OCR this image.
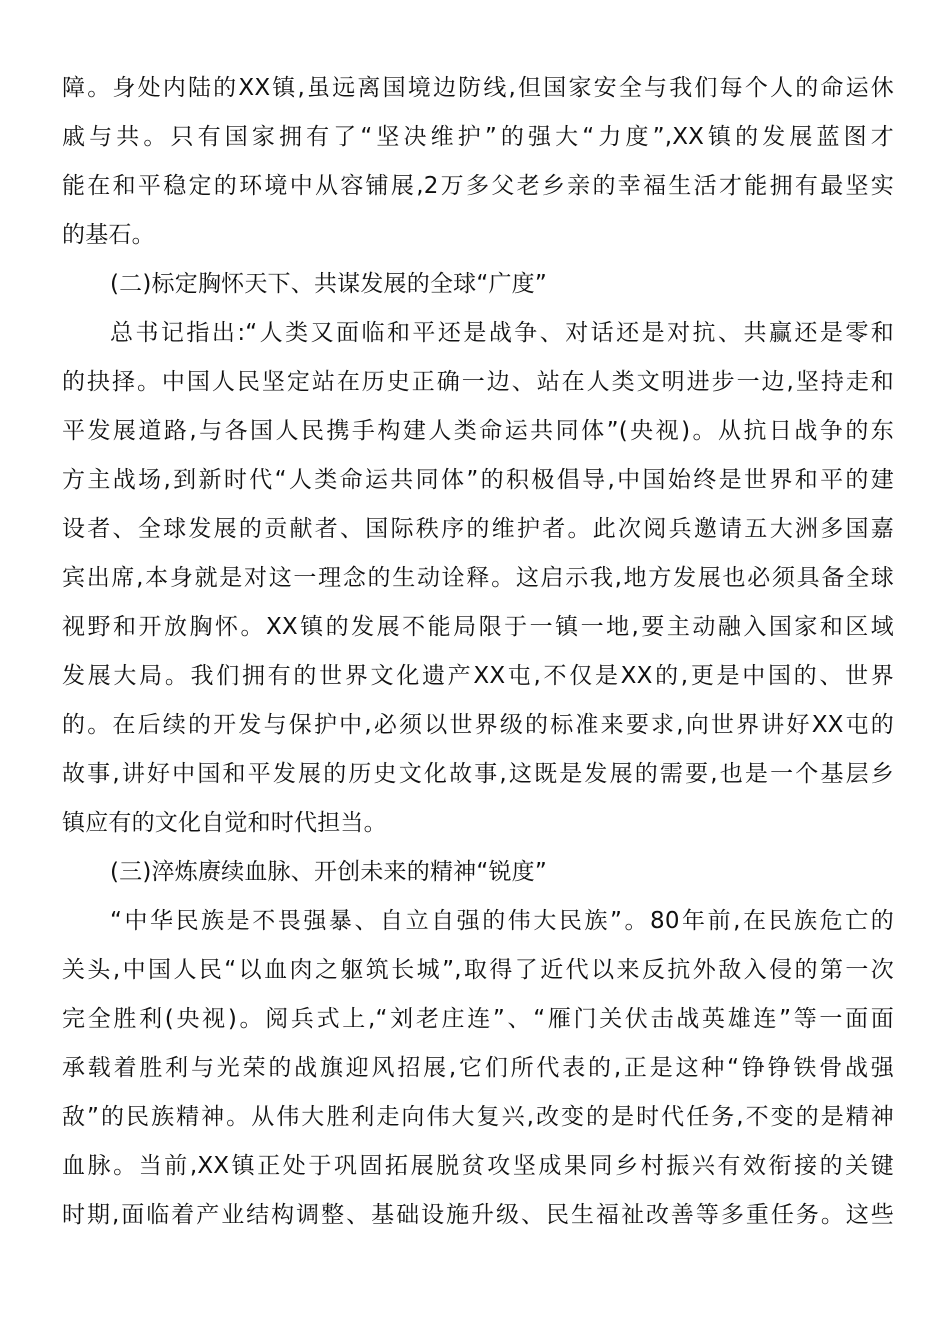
障。身处内陆的XX镇,虽远离国境边防线,但国家安全与我们每个人的命运休
戚与共。只有国家拥有了“坚决维护”的强大“力度”,XX镇的发展蓝图才
能在和平稳定的环境中从容铺展,2万多父老乡亲的幸福生活才能拥有最坚实
的基石。
(二)标定胸怀天下、共谋发展的全球“广度”
总书记指出:“人类又面临和平还是战争、对话还是对抗、共赢还是零和
的抉择。中国人民坚定站在历史正确一边、站在人类文明进步一边,坚持走和
平发展道路,与各国人民携手构建人类命运共同体”(央视)。从抗日战争的东
方主战场,到新时代“人类命运共同体”的积极倡导,中国始终是世界和平的建
设者、全球发展的贡献者、国际秩序的维护者。此次阅兵邀请五大洲多国嘉
宾出席,本身就是对这一理念的生动诠释。这启示我,地方发展也必须具备全球
视野和开放胸怀。XX镇的发展不能局限于一镇一地,要主动融入国家和区域
发展大局。我们拥有的世界文化遗产XX屯,不仅是XX的,更是中国的、世界
的。在后续的开发与保护中,必须以世界级的标准来要求,向世界讲好XX屯的
故事,讲好中国和平发展的历史文化故事,这既是发展的需要,也是一个基层乡
镇应有的文化自觉和时代担当。
(三)淬炼赓续血脉、开创未来的精神“锐度”
“中华民族是不畏强暴、自立自强的伟大民族”。80年前,在民族危亡的
关头,中国人民“以血肉之躯筑长城”,取得了近代以来反抗外敌入侵的第一次
完全胜利(央视)。阅兵式上,“刘老庄连”、“雁门关伏击战英雄连”等一面面
承载着胜利与光荣的战旗迎风招展,它们所代表的,正是这种“铮铮铁骨战强
敌”的民族精神。从伟大胜利走向伟大复兴,改变的是时代任务,不变的是精神
血脉。当前,XX镇正处于巩固拓展脱贫攻坚成果同乡村振兴有效衔接的关键
时期,面临着产业结构调整、基础设施升级、民生福祉改善等多重任务。这些
